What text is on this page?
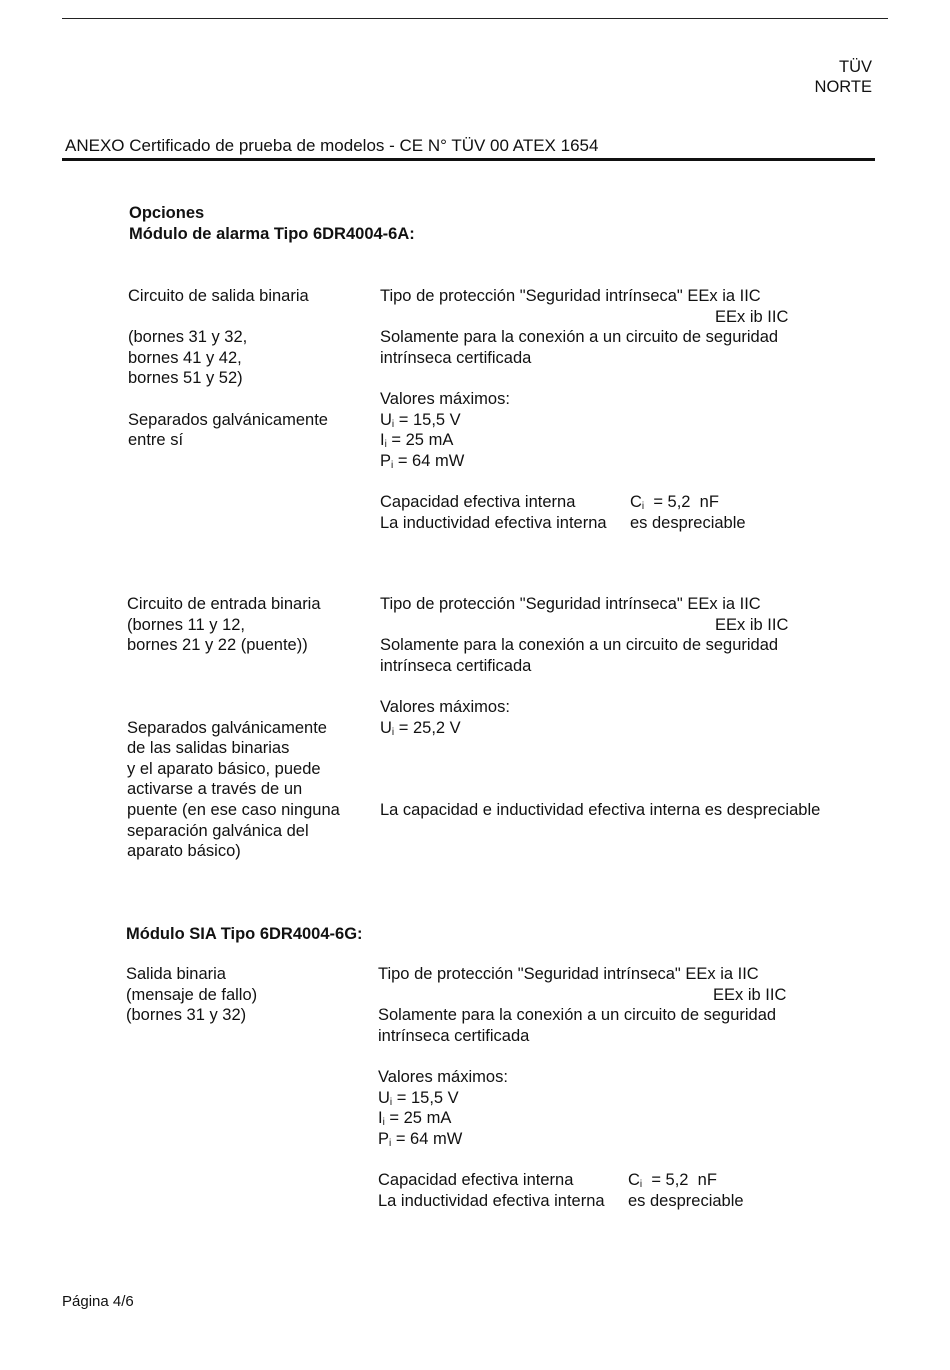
TÜV
NORTE
ANEXO Certificado de prueba de modelos - CE N° TÜV 00 ATEX 1654
Opciones
Módulo de alarma Tipo 6DR4004-6A:
Circuito de salida binaria
(bornes 31 y 32,
bornes 41 y 42,
bornes 51 y 52)
Separados galvánicamente
entre sí
Tipo de protección "Seguridad intrínseca" EEx ia IIC
EEx ib IIC
Solamente para la conexión a un circuito de seguridad
intrínseca certificada
Valores máximos:
$U_i = 15,5$ V
$I_i = 25$ mA
$P_i = 64$ mW
Capacidad efectiva interna	$C_i = 5,2$  nF
La inductividad efectiva interna es despreciable
Circuito de entrada binaria
(bornes 11 y 12,
bornes 21 y 22 (puente))
Separados galvánicamente
de las salidas binarias
y el aparato básico, puede
activarse a través de un
puente (en ese caso ninguna
separación galvánica del
aparato básico)
Tipo de protección "Seguridad intrínseca" EEx ia IIC
EEx ib IIC
Solamente para la conexión a un circuito de seguridad
intrínseca certificada
Valores máximos:
$U_i = 25,2$ V
La capacidad e inductividad efectiva interna es despreciable
Módulo SIA Tipo 6DR4004-6G:
Salida binaria
(mensaje de fallo)
(bornes 31 y 32)
Tipo de protección "Seguridad intrínseca" EEx ia IIC
EEx ib IIC
Solamente para la conexión a un circuito de seguridad
intrínseca certificada
Valores máximos:
$U_i = 15,5$ V
$I_i = 25$ mA
$P_i = 64$ mW
Capacidad efectiva interna	$C_i = 5,2$  nF
La inductividad efectiva interna es despreciable
Página 4/6
